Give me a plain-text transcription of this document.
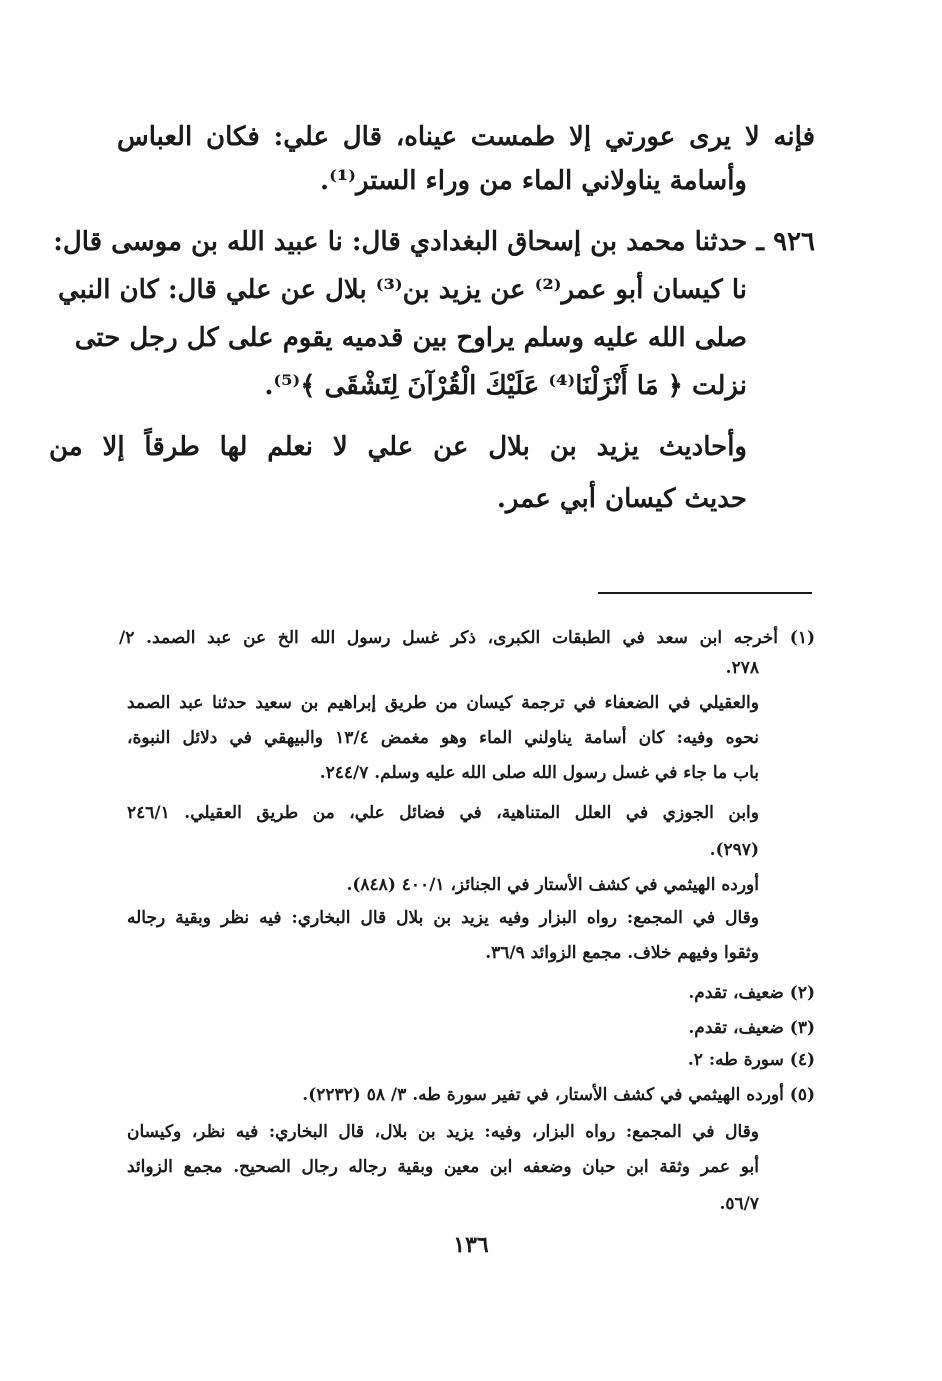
فإنه لا يرى عورتي إلا طمست عيناه، قال علي: فكان العباس
وأسامة يناولاني الماء من وراء الستر⁽¹⁾.
٩٢٦ ـ حدثنا محمد بن إسحاق البغدادي قال: نا عبيد الله بن موسى قال:
نا كيسان أبو عمر⁽²⁾ عن يزيد بن⁽³⁾ بلال عن علي قال: كان النبي
صلى الله عليه وسلم يراوح بين قدميه يقوم على كل رجل حتى
نزلت ﴿ مَا أَنْزَلْنَا⁽⁴⁾ عَلَيْكَ الْقُرْآنَ لِتَشْقَى ﴾⁽⁵⁾.
وأحاديث يزيد بن بلال عن علي لا نعلم لها طرقاً إلا من
حديث كيسان أبي عمر.
(١) أخرجه ابن سعد في الطبقات الكبرى، ذكر غسل رسول الله الخ عن عبد الصمد. ٢/
٢٧٨.
والعقيلي في الضعفاء في ترجمة كيسان من طريق إبراهيم بن سعيد حدثنا عبد الصمد
نحوه وفيه: كان أسامة يناولني الماء وهو مغمض ١٣/٤ والبيهقي في دلائل النبوة،
باب ما جاء في غسل رسول الله صلى الله عليه وسلم. ٢٤٤/٧.
وابن الجوزي في العلل المتناهية، في فضائل علي، من طريق العقيلي. ٢٤٦/١
(٢٩٧).
أورده الهيثمي في كشف الأستار في الجنائز، ٤٠٠/١ (٨٤٨).
وقال في المجمع: رواه البزار وفيه يزيد بن بلال قال البخاري: فيه نظر وبقية رجاله
وثقوا وفيهم خلاف. مجمع الزوائد ٣٦/٩.
(٢) ضعيف، تقدم.
(٣) ضعيف، تقدم.
(٤) سورة طه: ٢.
(٥) أورده الهيثمي في كشف الأستار، في تفير سورة طه. ٣/ ٥٨ (٢٢٣٢).
وقال في المجمع: رواه البزار، وفيه: يزيد بن بلال، قال البخاري: فيه نظر، وكيسان
أبو عمر وثقة ابن حبان وضعفه ابن معين وبقية رجاله رجال الصحيح. مجمع الزوائد
٥٦/٧.
١٣٦
